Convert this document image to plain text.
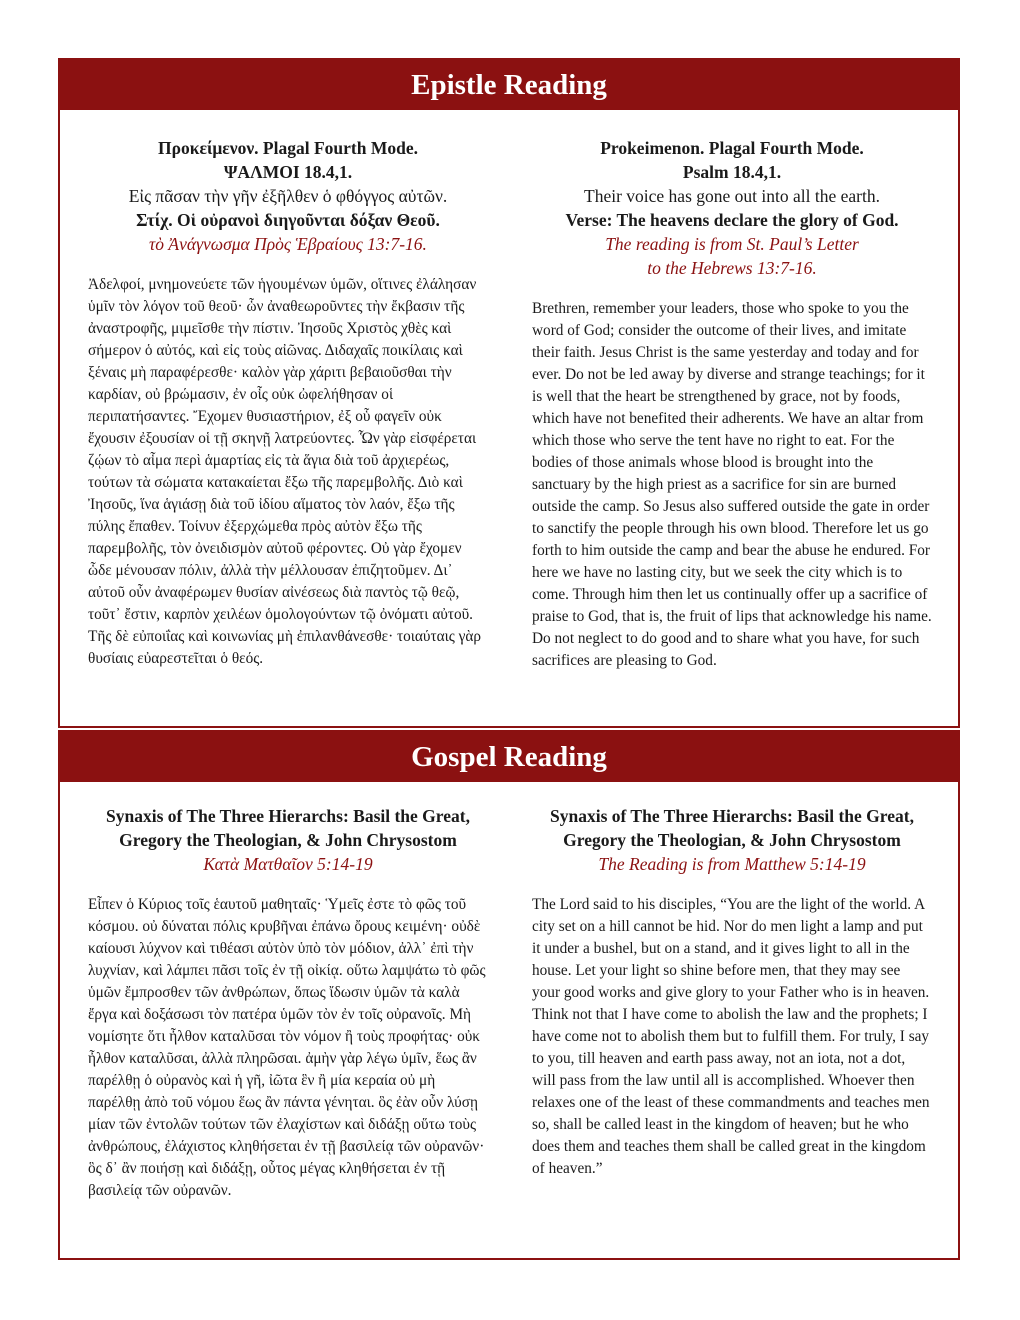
Epistle Reading
Προκείμενον. Plagal Fourth Mode.
ΨΑΛΜΟΙ 18.4,1.
Εἰς πᾶσαν τὴν γῆν ἐξῆλθεν ὁ φθόγγος αὐτῶν.
Στίχ. Οἱ οὐρανοὶ διηγοῦνται δόξαν Θεοῦ.
τὸ Ἀνάγνωσμα Πρὸς Ἑβραίους 13:7-16.
Ἀδελφοί, μνημονεύετε τῶν ἡγουμένων ὑμῶν, οἵτινες ἐλάλησαν ὑμῖν τὸν λόγον τοῦ θεοῦ· ὧν ἀναθεωροῦντες τὴν ἔκβασιν τῆς ἀναστροφῆς, μιμεῖσθε τὴν πίστιν. Ἰησοῦς Χριστὸς χθὲς καὶ σήμερον ὁ αὐτός, καὶ εἰς τοὺς αἰῶνας. Διδαχαῖς ποικίλαις καὶ ξέναις μὴ παραφέρεσθε· καλὸν γὰρ χάριτι βεβαιοῦσθαι τὴν καρδίαν, οὐ βρώμασιν, ἐν οἷς οὐκ ὠφελήθησαν οἱ περιπατήσαντες. Ἔχομεν θυσιαστήριον, ἐξ οὗ φαγεῖν οὐκ ἔχουσιν ἐξουσίαν οἱ τῇ σκηνῇ λατρεύοντες. Ὧν γὰρ εἰσφέρεται ζῴων τὸ αἷμα περὶ ἁμαρτίας εἰς τὰ ἅγια διὰ τοῦ ἀρχιερέως, τούτων τὰ σώματα κατακαίεται ἔξω τῆς παρεμβολῆς. Διὸ καὶ Ἰησοῦς, ἵνα ἁγιάσῃ διὰ τοῦ ἰδίου αἵματος τὸν λαόν, ἔξω τῆς πύλης ἔπαθεν. Τοίνυν ἐξερχώμεθα πρὸς αὐτὸν ἔξω τῆς παρεμβολῆς, τὸν ὀνειδισμὸν αὐτοῦ φέροντες. Οὐ γὰρ ἔχομεν ὧδε μένουσαν πόλιν, ἀλλὰ τὴν μέλλουσαν ἐπιζητοῦμεν. Δι᾽ αὐτοῦ οὖν ἀναφέρωμεν θυσίαν αἰνέσεως διὰ παντὸς τῷ θεῷ, τοῦτ᾽ ἔστιν, καρπὸν χειλέων ὁμολογούντων τῷ ὀνόματι αὐτοῦ. Τῆς δὲ εὐποιΐας καὶ κοινωνίας μὴ ἐπιλανθάνεσθε· τοιαύταις γὰρ θυσίαις εὐαρεστεῖται ὁ θεός.
Prokeimenon. Plagal Fourth Mode.
Psalm 18.4,1.
Their voice has gone out into all the earth.
Verse: The heavens declare the glory of God.
The reading is from St. Paul’s Letter
to the Hebrews 13:7-16.
Brethren, remember your leaders, those who spoke to you the word of God; consider the outcome of their lives, and imitate their faith. Jesus Christ is the same yesterday and today and for ever. Do not be led away by diverse and strange teachings; for it is well that the heart be strengthened by grace, not by foods, which have not benefited their adherents. We have an altar from which those who serve the tent have no right to eat. For the bodies of those animals whose blood is brought into the sanctuary by the high priest as a sacrifice for sin are burned outside the camp. So Jesus also suffered outside the gate in order to sanctify the people through his own blood. Therefore let us go forth to him outside the camp and bear the abuse he endured. For here we have no lasting city, but we seek the city which is to come. Through him then let us continually offer up a sacrifice of praise to God, that is, the fruit of lips that acknowledge his name. Do not neglect to do good and to share what you have, for such sacrifices are pleasing to God.
Gospel Reading
Synaxis of The Three Hierarchs: Basil the Great,
Gregory the Theologian, & John Chrysostom
Κατὰ Ματθαῖον 5:14-19
Εἶπεν ὁ Κύριος τοῖς ἑαυτοῦ μαθηταῖς· Ὑμεῖς ἐστε τὸ φῶς τοῦ κόσμου. οὐ δύναται πόλις κρυβῆναι ἐπάνω ὄρους κειμένη· οὐδὲ καίουσι λύχνον καὶ τιθέασι αὐτὸν ὑπὸ τὸν μόδιον, ἀλλ᾽ ἐπὶ τὴν λυχνίαν, καὶ λάμπει πᾶσι τοῖς ἐν τῇ οἰκίᾳ. οὕτω λαμψάτω τὸ φῶς ὑμῶν ἔμπροσθεν τῶν ἀνθρώπων, ὅπως ἴδωσιν ὑμῶν τὰ καλὰ ἔργα καὶ δοξάσωσι τὸν πατέρα ὑμῶν τὸν ἐν τοῖς οὐρανοῖς. Μὴ νομίσητε ὅτι ἦλθον καταλῦσαι τὸν νόμον ἢ τοὺς προφήτας· οὐκ ἦλθον καταλῦσαι, ἀλλὰ πληρῶσαι. ἀμὴν γὰρ λέγω ὑμῖν, ἕως ἂν παρέλθῃ ὁ οὐρανὸς καὶ ἡ γῆ, ἰῶτα ἓν ἢ μία κεραία οὐ μὴ παρέλθῃ ἀπὸ τοῦ νόμου ἕως ἂν πάντα γένηται. ὃς ἐὰν οὖν λύσῃ μίαν τῶν ἐντολῶν τούτων τῶν ἐλαχίστων καὶ διδάξῃ οὕτω τοὺς ἀνθρώπους, ἐλάχιστος κληθήσεται ἐν τῇ βασιλείᾳ τῶν οὐρανῶν· ὃς δ᾽ ἂν ποιήσῃ καὶ διδάξῃ, οὗτος μέγας κληθήσεται ἐν τῇ βασιλείᾳ τῶν οὐρανῶν.
Synaxis of The Three Hierarchs: Basil the Great,
Gregory the Theologian, & John Chrysostom
The Reading is from Matthew 5:14-19
The Lord said to his disciples, “You are the light of the world. A city set on a hill cannot be hid. Nor do men light a lamp and put it under a bushel, but on a stand, and it gives light to all in the house. Let your light so shine before men, that they may see your good works and give glory to your Father who is in heaven. Think not that I have come to abolish the law and the prophets; I have come not to abolish them but to fulfill them. For truly, I say to you, till heaven and earth pass away, not an iota, not a dot, will pass from the law until all is accomplished. Whoever then relaxes one of the least of these commandments and teaches men so, shall be called least in the kingdom of heaven; but he who does them and teaches them shall be called great in the kingdom of heaven.”
